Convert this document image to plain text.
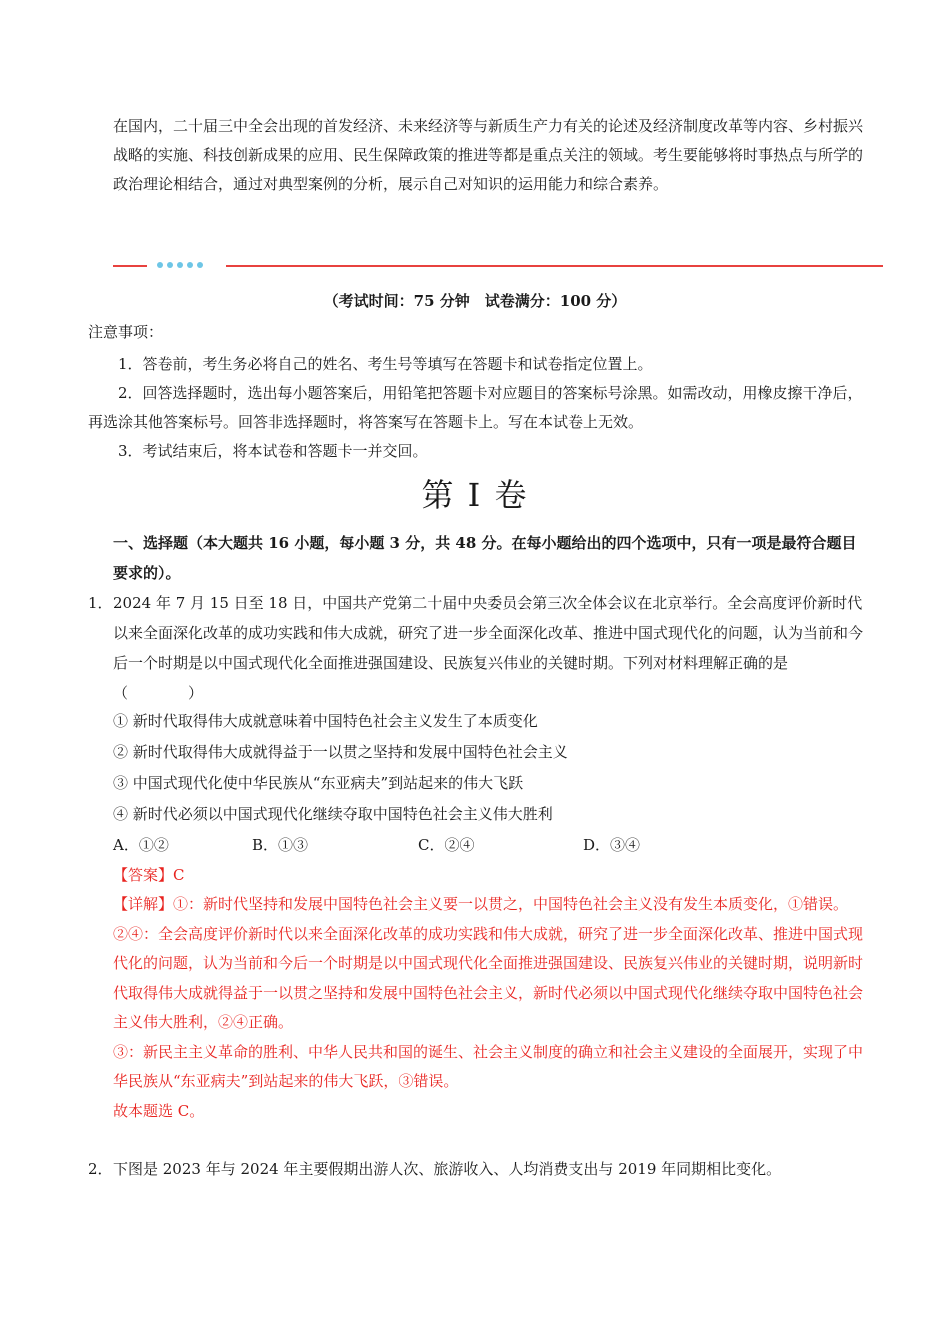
在国内，二十届三中全会出现的首发经济、未来经济等与新质生产力有关的论述及经济制度改革等内容、乡村振兴战略的实施、科技创新成果的应用、民生保障政策的推进等都是重点关注的领域。考生要能够将时事热点与所学的政治理论相结合，通过对典型案例的分析，展示自己对知识的运用能力和综合素养。
（考试时间：75 分钟　试卷满分：100 分）
注意事项：

1．答卷前，考生务必将自己的姓名、考生号等填写在答题卡和试卷指定位置上。

2．回答选择题时，选出每小题答案后，用铅笔把答题卡对应题目的答案标号涂黑。如需改动，用橡皮擦干净后，再选涂其他答案标号。回答非选择题时，将答案写在答题卡上。写在本试卷上无效。

3．考试结束后，将本试卷和答题卡一并交回。

第 I 卷
一、选择题（本大题共 16 小题，每小题 3 分，共 48 分。在每小题给出的四个选项中，只有一项是最符合题目要求的）。
1． 2024 年 7 月 15 日至 18 日，中国共产党第二十届中央委员会第三次全体会议在北京举行。全会高度评价新时代以来全面深化改革的成功实践和伟大成就，研究了进一步全面深化改革、推进中国式现代化的问题，认为当前和今后一个时期是以中国式现代化全面推进强国建设、民族复兴伟业的关键时期。下列对材料理解正确的是（　　　　）
① 新时代取得伟大成就意味着中国特色社会主义发生了本质变化
② 新时代取得伟大成就得益于一以贯之坚持和发展中国特色社会主义
③ 中国式现代化使中华民族从“东亚病夫”到站起来的伟大飞跃
④ 新时代必须以中国式现代化继续夺取中国特色社会主义伟大胜利
A．①②	B．①③	C．②④	D．③④
【答案】C

【详解】①：新时代坚持和发展中国特色社会主义要一以贯之，中国特色社会主义没有发生本质变化，①错误。

②④：全会高度评价新时代以来全面深化改革的成功实践和伟大成就，研究了进一步全面深化改革、推进中国式现代化的问题，认为当前和今后一个时期是以中国式现代化全面推进强国建设、民族复兴伟业的关键时期，说明新时代取得伟大成就得益于一以贯之坚持和发展中国特色社会主义，新时代必须以中国式现代化继续夺取中国特色社会主义伟大胜利，②④正确。

③：新民主主义革命的胜利、中华人民共和国的诞生、社会主义制度的确立和社会主义建设的全面展开，实现了中华民族从“东亚病夫”到站起来的伟大飞跃，③错误。

故本题选 C。

2． 下图是 2023 年与 2024 年主要假期出游人次、旅游收入、人均消费支出与 2019 年同期相比变化。
